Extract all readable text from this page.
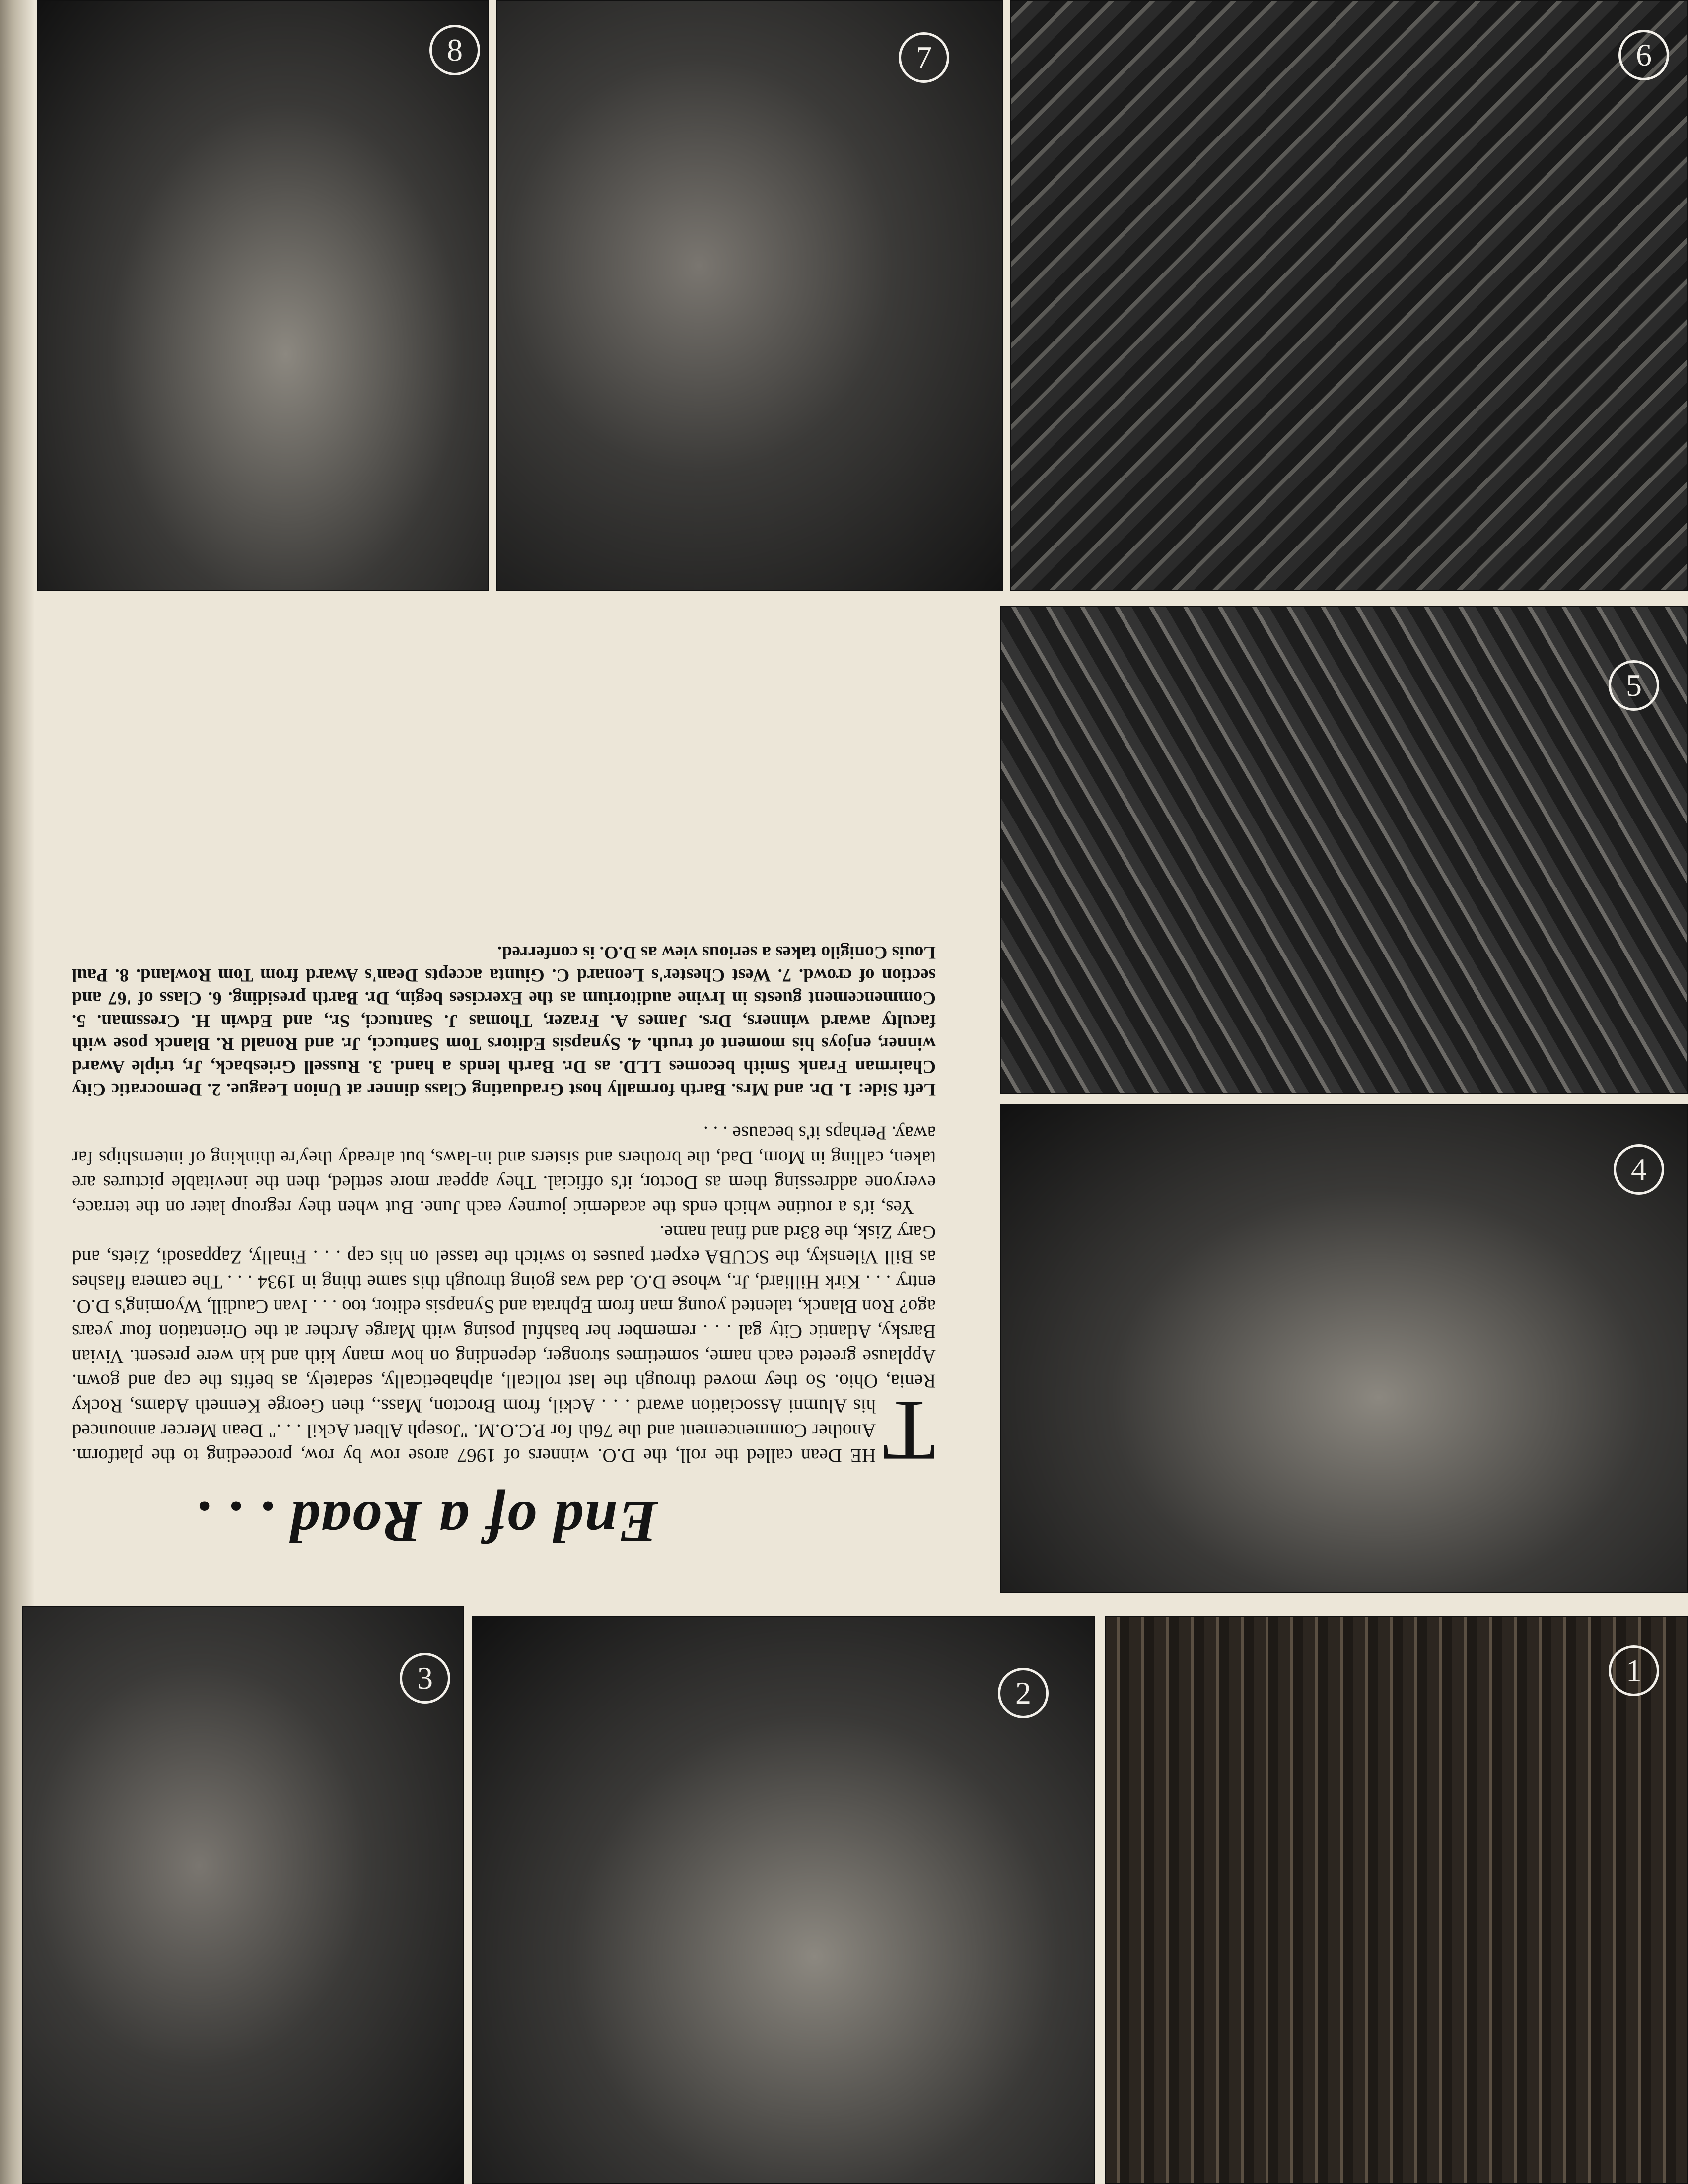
8	7	6
5
4
3	2
1
End of a Road . . .
T

HE Dean called the roll, the D.O. winners of 1967 arose row by row, proceeding to the platform. Another Commencement and the 76th for P.C.O.M. "Joseph Albert Ackil . . ." Dean Mercer announced his Alumni Association award . . . Ackil, from Brocton, Mass., then George Kenneth Adams, Rocky Renia, Ohio. So they moved through the last rollcall, alphabetically, sedately, as befits the cap and gown. Applause greeted each name, sometimes stronger, depending on how many kith and kin were present. Vivian Barsky, Atlantic City gal . . . remember her bashful posing with Marge Archer at the Orientation four years ago? Ron Blanck, talented young man from Ephrata and Synapsis editor, too . . . Ivan Caudill, Wyoming's D.O. entry . . . Kirk Hilliard, Jr., whose D.O. dad was going through this same thing in 1934 . . . The camera flashes as Bill Vilensky, the SCUBA expert pauses to switch the tassel on his cap . . . Finally, Zappasodi, Ziets, and Gary Zisk, the 83rd and final name.

Yes, it's a routine which ends the academic journey each June. But when they regroup later on the terrace, everyone addressing them as Doctor, it's official. They appear more settled, then the inevitable pictures are taken, calling in Mom, Dad, the brothers and sisters and in-laws, but already they're thinking of internships far away. Perhaps it's because . . .

Left Side: 1. Dr. and Mrs. Barth formally host Graduating Class dinner at Union League. 2. Democratic City Chairman Frank Smith becomes LLD. as Dr. Barth lends a hand. 3. Russell Griesback, Jr, triple Award winner, enjoys his moment of truth. 4. Synapsis Editors Tom Santucci, Jr. and Ronald R. Blanck pose with faculty award winners, Drs. James A. Frazer, Thomas J. Santucci, Sr., and Edwin H. Cressman. 5. Commencement guests in Irvine auditorium as the Exercises begin, Dr. Barth presiding. 6. Class of '67 and section of crowd. 7. West Chester's Leonard C. Giunta accepts Dean's Award from Tom Rowland. 8. Paul Louis Conigilo takes a serious view as D.O. is conferred.
